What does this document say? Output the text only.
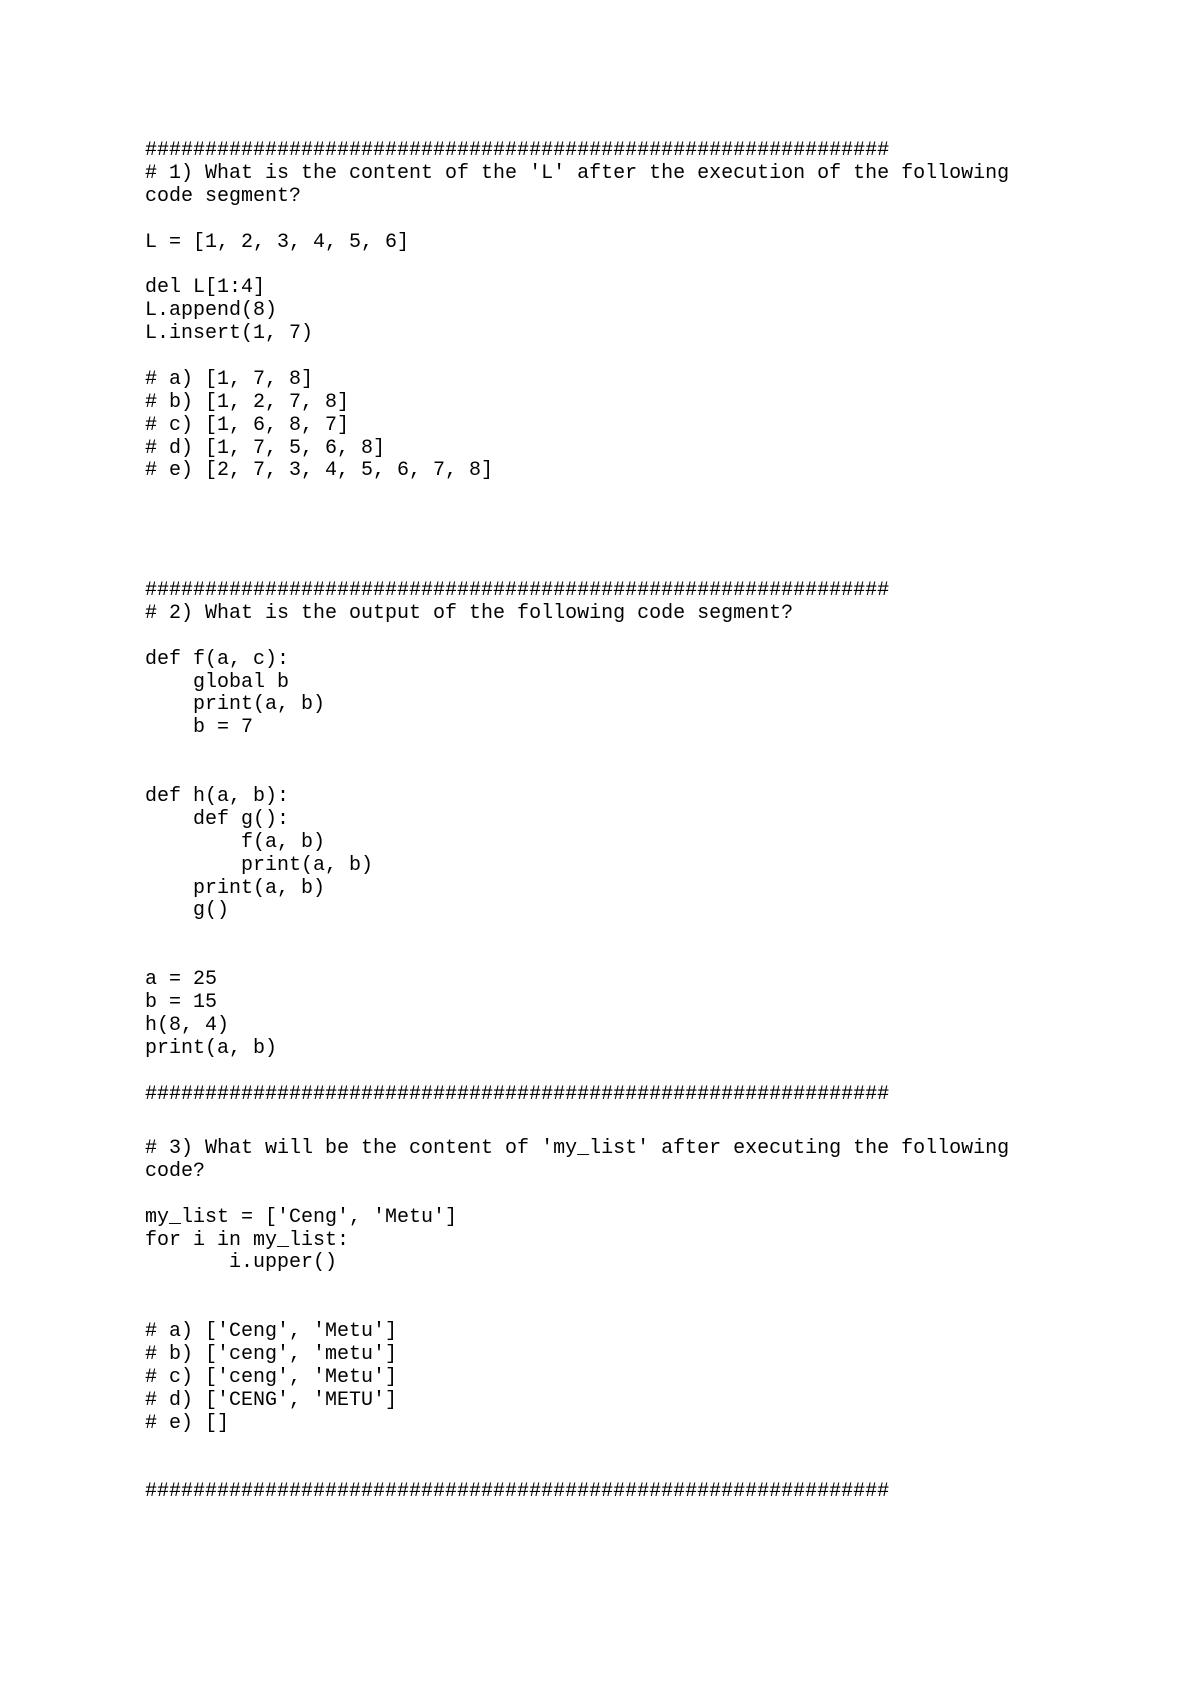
##############################################################
# 1) What is the content of the 'L' after the execution of the following
code segment?
L = [1, 2, 3, 4, 5, 6]
del L[1:4]
L.append(8)
L.insert(1, 7)
# a) [1, 7, 8]
# b) [1, 2, 7, 8]
# c) [1, 6, 8, 7]
# d) [1, 7, 5, 6, 8]
# e) [2, 7, 3, 4, 5, 6, 7, 8]
##############################################################
# 2) What is the output of the following code segment?
def f(a, c):
global b
print(a, b)
b = 7
def h(a, b):
def g():
f(a, b)
print(a, b)
print(a, b)
g()
a = 25
b = 15
h(8, 4)
print(a, b)
##############################################################
# 3) What will be the content of 'my_list' after executing the following
code?
my_list = ['Ceng', 'Metu']
for i in my_list:
i.upper()
# a) ['Ceng', 'Metu']
# b) ['ceng', 'metu']
# c) ['ceng', 'Metu']
# d) ['CENG', 'METU']
# e) []
##############################################################
